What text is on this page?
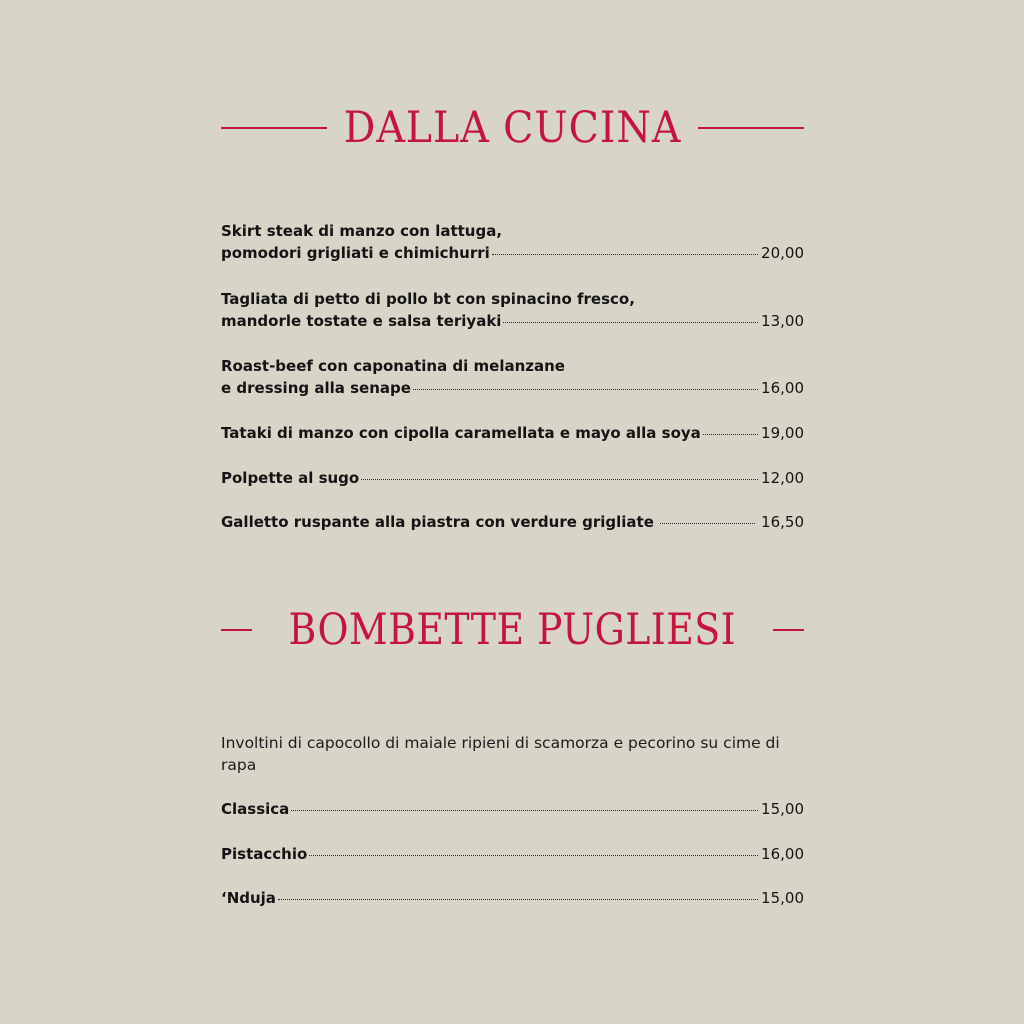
DALLA CUCINA
Skirt steak di manzo con lattuga,
pomodori grigliati e chimichurri	20,00
Tagliata di petto di pollo bt con spinacino fresco,
mandorle tostate e salsa teriyaki	13,00
Roast-beef con caponatina di melanzane
e dressing alla senape	16,00
Tataki di manzo con cipolla caramellata e mayo alla soya	19,00
Polpette al sugo	12,00
Galletto ruspante alla piastra con verdure grigliate	16,50
BOMBETTE PUGLIESI
Involtini di capocollo di maiale ripieni di scamorza e pecorino su cime di rapa
Classica	15,00
Pistacchio	16,00
‘Nduja	15,00
